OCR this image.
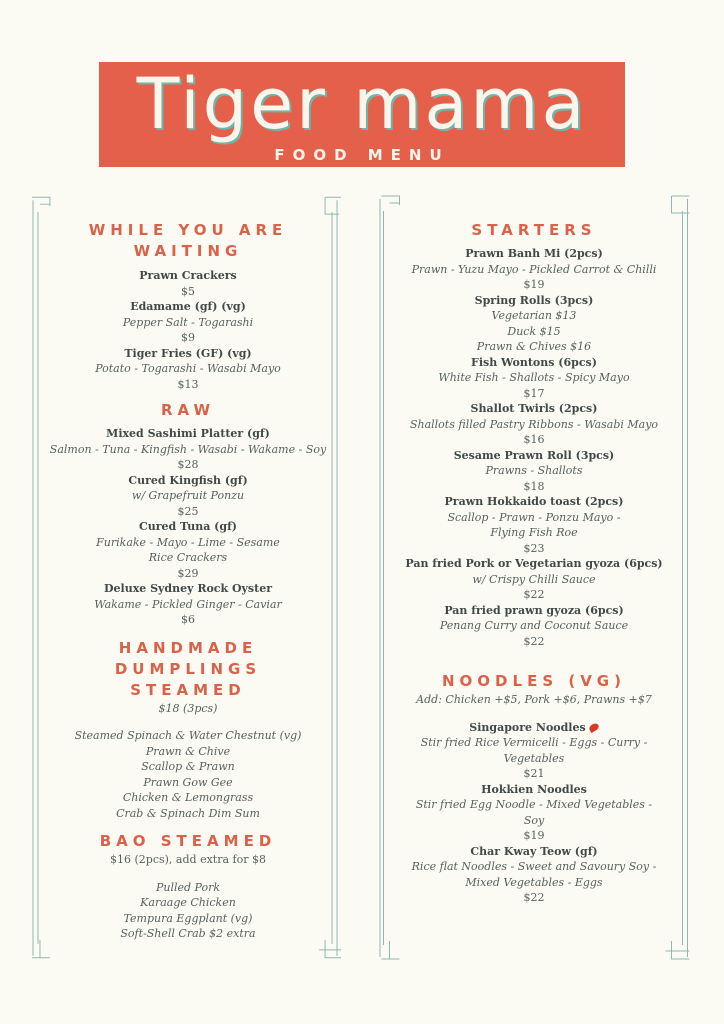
Tiger mama
FOOD MENU
WHILE YOU ARE WAITING
Prawn Crackers
$5
Edamame (gf) (vg)
Pepper Salt - Togarashi
$9
Tiger Fries (GF) (vg)
Potato - Togarashi - Wasabi Mayo
$13
RAW
Mixed Sashimi Platter (gf)
Salmon - Tuna - Kingfish - Wasabi - Wakame - Soy
$28
Cured Kingfish (gf)
w/ Grapefruit Ponzu
$25
Cured Tuna (gf)
Furikake - Mayo - Lime - Sesame Rice Crackers
$29
Deluxe Sydney Rock Oyster
Wakame - Pickled Ginger - Caviar
$6
HANDMADE DUMPLINGS STEAMED
$18 (3pcs)
Steamed Spinach & Water Chestnut (vg)
Prawn & Chive
Scallop & Prawn
Prawn Gow Gee
Chicken & Lemongrass
Crab & Spinach Dim Sum
BAO STEAMED
$16 (2pcs), add extra for $8
Pulled Pork
Karaage Chicken
Tempura Eggplant (vg)
Soft-Shell Crab $2 extra
STARTERS
Prawn Banh Mi (2pcs)
Prawn - Yuzu Mayo - Pickled Carrot & Chilli
$19
Spring Rolls (3pcs)
Vegetarian $13
Duck $15
Prawn & Chives $16
Fish Wontons (6pcs)
White Fish - Shallots - Spicy Mayo
$17
Shallot Twirls (2pcs)
Shallots filled Pastry Ribbons - Wasabi Mayo
$16
Sesame Prawn Roll (3pcs)
Prawns - Shallots
$18
Prawn Hokkaido toast (2pcs)
Scallop - Prawn - Ponzu Mayo - Flying Fish Roe
$23
Pan fried Pork or Vegetarian gyoza (6pcs)
w/ Crispy Chilli Sauce
$22
Pan fried prawn gyoza (6pcs)
Penang Curry and Coconut Sauce
$22
NOODLES (VG)
Add: Chicken +$5, Pork +$6, Prawns +$7
Singapore Noodles
Stir fried Rice Vermicelli - Eggs - Curry - Vegetables
$21
Hokkien Noodles
Stir fried Egg Noodle - Mixed Vegetables - Soy
$19
Char Kway Teow (gf)
Rice flat Noodles - Sweet and Savoury Soy - Mixed Vegetables - Eggs
$22
